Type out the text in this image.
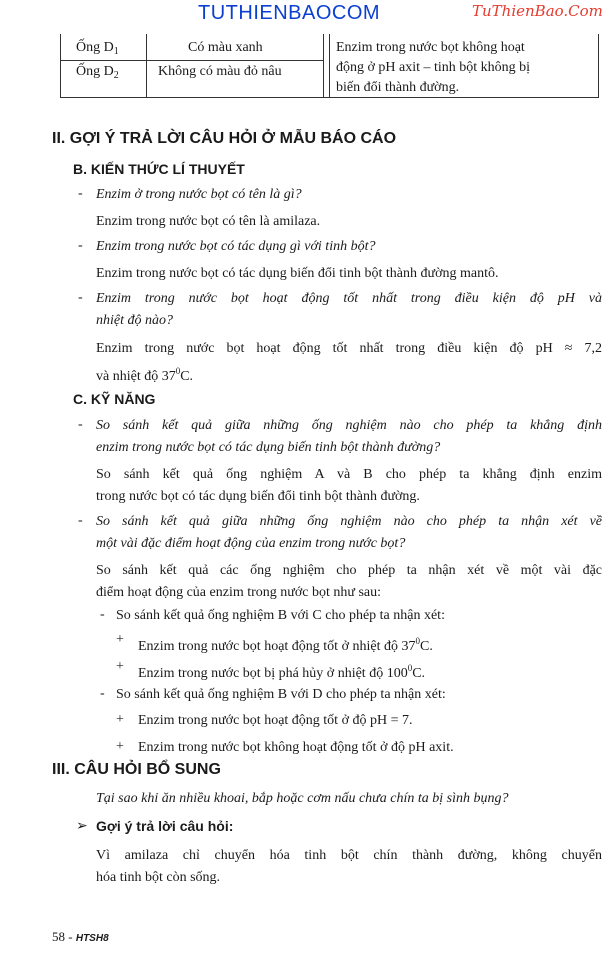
TUTHIENBAOCOM	TuThienBao.Com
Ống $D_1$	Có màu xanh
Ống $D_2$	Không có màu đỏ nâu
Enzim trong nước bọt không hoạt
động ở pH axit – tinh bột không bị
biến đổi thành đường.
II. GỢI Ý TRẢ LỜI CÂU HỎI Ở MẪU BÁO CÁO
B. KIẾN THỨC LÍ THUYẾT
- Enzim ở trong nước bọt có tên là gì?
Enzim trong nước bọt có tên là amilaza.
- Enzim trong nước bọt có tác dụng gì với tinh bột?
Enzim trong nước bọt có tác dụng biến đổi tinh bột thành đường mantô.
- Enzim trong nước bọt hoạt động tốt nhất trong điều kiện độ pH và
nhiệt độ nào?
Enzim trong nước bọt hoạt động tốt nhất trong điều kiện độ pH ≈ 7,2
và nhiệt độ $37^0C$.
C. KỸ NĂNG
- So sánh kết quả giữa những ống nghiệm nào cho phép ta khẳng định
enzim trong nước bọt có tác dụng biến tinh bột thành đường?
So sánh kết quả ống nghiệm A và B cho phép ta khẳng định enzim
trong nước bọt có tác dụng biến đổi tinh bột thành đường.
- So sánh kết quả giữa những ống nghiệm nào cho phép ta nhận xét về
một vài đặc điểm hoạt động của enzim trong nước bọt?
So sánh kết quả các ống nghiệm cho phép ta nhận xét về một vài đặc
điểm hoạt động của enzim trong nước bọt như sau:
- So sánh kết quả ống nghiệm B với C cho phép ta nhận xét:
+ Enzim trong nước bọt hoạt động tốt ở nhiệt độ $37^0C$.
+ Enzim trong nước bọt bị phá hủy ở nhiệt độ $100^0C$.
- So sánh kết quả ống nghiệm B với D cho phép ta nhận xét:
+ Enzim trong nước bọt hoạt động tốt ở độ pH = 7.
+ Enzim trong nước bọt không hoạt động tốt ở độ pH axit.
III. CÂU HỎI BỔ SUNG
Tại sao khi ăn nhiều khoai, bắp hoặc cơm nấu chưa chín ta bị sình bụng?
➢ Gợi ý trả lời câu hỏi:
Vì amilaza chỉ chuyển hóa tinh bột chín thành đường, không chuyển
hóa tinh bột còn sống.
58 - HTSH8
